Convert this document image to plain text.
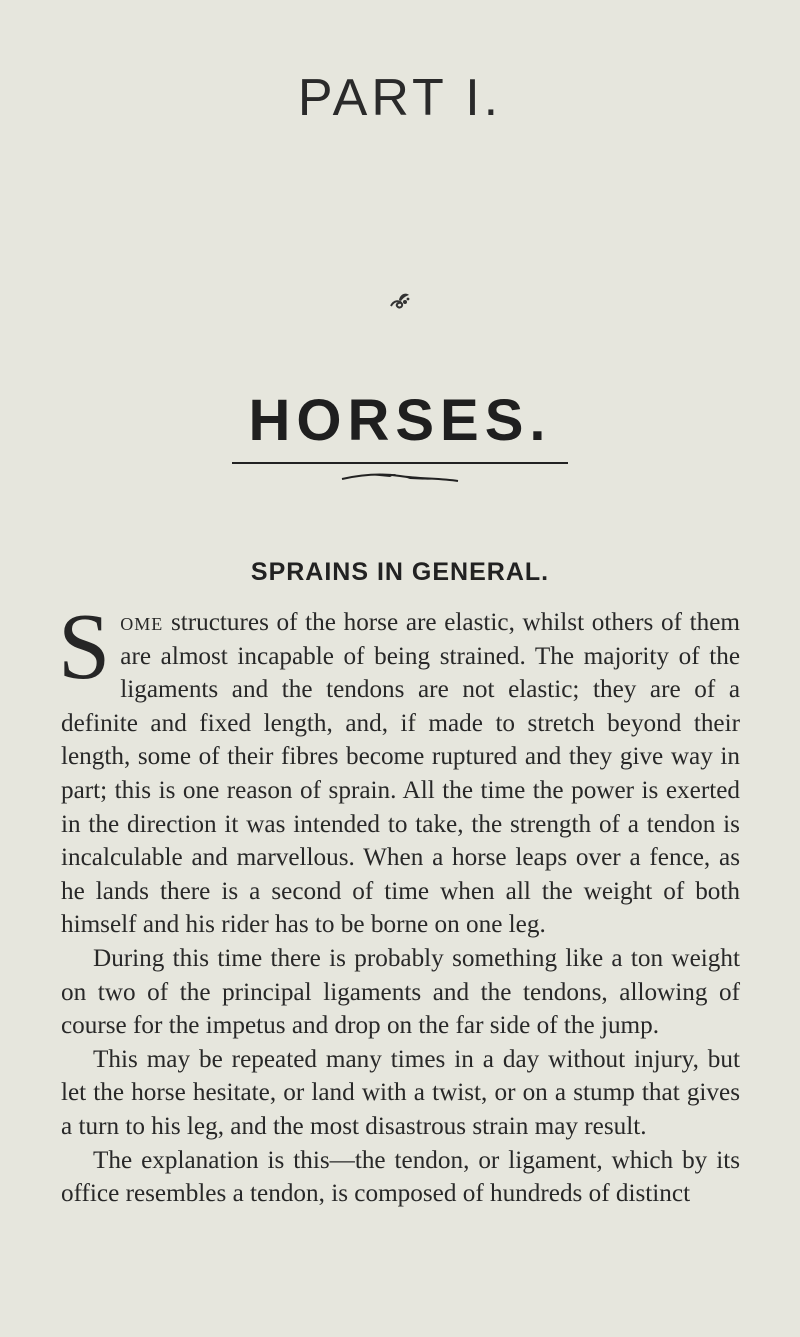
PART I.
HORSES.
SPRAINS IN GENERAL.

Some structures of the horse are elastic, whilst others of them are almost incapable of being strained. The majority of the ligaments and the tendons are not elastic; they are of a definite and fixed length, and, if made to stretch beyond their length, some of their fibres become ruptured and they give way in part; this is one reason of sprain. All the time the power is exerted in the direction it was intended to take, the strength of a tendon is incalculable and marvellous. When a horse leaps over a fence, as he lands there is a second of time when all the weight of both himself and his rider has to be borne on one leg.

During this time there is probably something like a ton weight on two of the principal ligaments and the tendons, allowing of course for the impetus and drop on the far side of the jump.

This may be repeated many times in a day without injury, but let the horse hesitate, or land with a twist, or on a stump that gives a turn to his leg, and the most disastrous strain may result.

The explanation is this—the tendon, or ligament, which by its office resembles a tendon, is composed of hundreds of distinct
